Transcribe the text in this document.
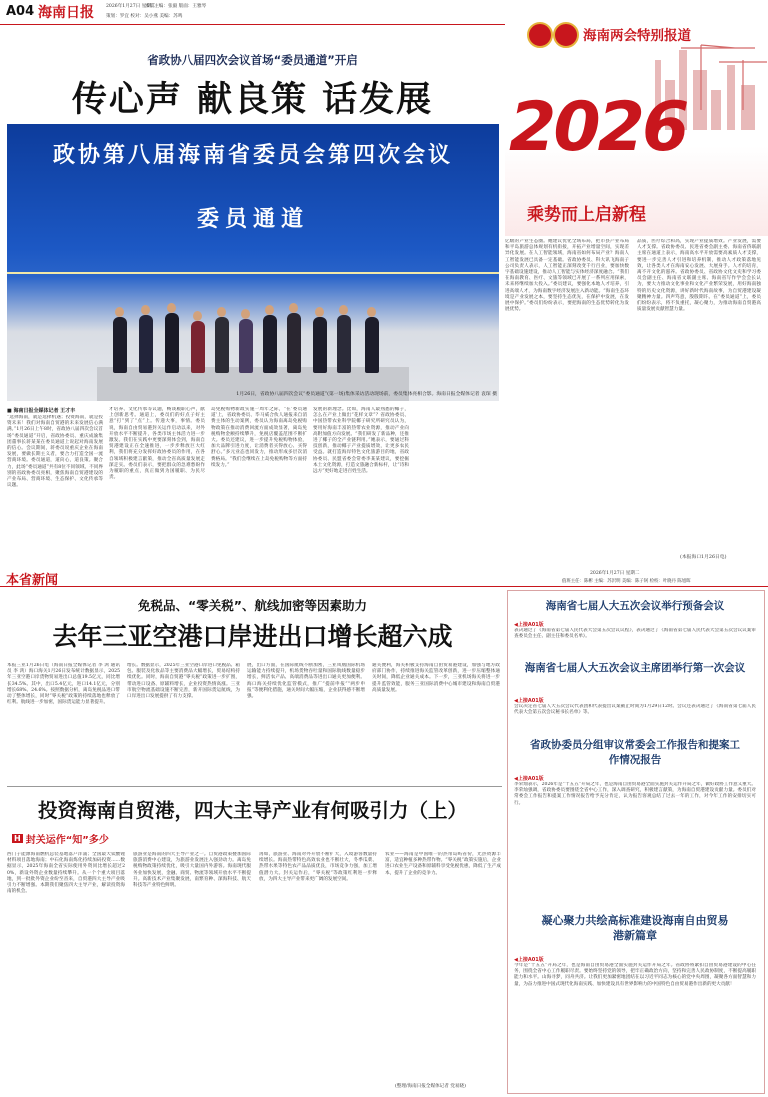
A04 海南日报	2026年1月27日 星期二
本版主编：张毅 版面：王雅琴
策划：罗宜 校对：吴小燕 美编：苏鸣
海南两会特别报道
2026
乘势而上启新程
省政协八届四次会议首场“委员通道”开启
传心声 献良策 话发展
政协第八届海南省委员会第四次会议
委员通道
1月26日，省政协八届四次会议“委员通道”(第一场)集体采访活动现场前，委员集体亮相合影。海南日报全媒体记者 袁琛 摄
■ 海南日报全媒体记者 王才丰
“选择海南，就是选择机遇；投资海南，就是投资未来！我们对海南自贸港的未来发展信心满满。”1月26日上午8时，省政协八届四次会议首场“委员通道”开启，省政协委员、重庆成渝集团董事长蒋某某在委员通道上说起对海南发展的信心。会议期间，蒋委员说重庆企业在海南发展，要做长期主义者，要合力打造全国一流营商环境。委员通道，道向心，道良策。聚合力，此场“委员通道”共有8位不同领域、不同界别的省政协委员亮相，聚焦海南自贸港建设的产业布局、营商环境、生态保护、文化传承等议题。
才培养、文化传承等议题，畅谈履职心声，献上创新思考。通道上，委员们的好点子好主意“打”到了“点”上。传递大事，事情。委员说，海南自由贸易港封关运作启动以来，对外开放水平不断提升，各类市场主体活力进一步激发。我们在实践中更要深刻体会到，海南自贸港建设正在全速推进，一步步释放巨大红利，我们将充分发挥好政协委员的作用，在各自领域积极建言献策，推动全省高质量发展走深走实。委员们表示，要把群众的急难愁盼作为履职的重点，真正做到为国履职、为民尽责。
岛免税购物新政实施一周年之际，“在‘委员通道’上，省政协委员、毕马威合伙人通报来自消费主体的生动案例，委员认为海南离岛免税购物政策在推动消费回流方面成效显著，离岛免税购物金额持续攀升，免税店覆盖范围不断扩大。委员还建议，进一步提升免税购物体验，加大品牌引进力度，让消费者买得放心、买得舒心。”多元业态也同发力，推动形成多层次消费格局。“我们会继续在上岛免税购物等方面持续发力。”
发展的新理念。比如，海南人最熟悉的椰子，怎么在产业上做出“花样文章”？省政协委员、中国热带农业科学院椰子研究所研究员认为，要用好海南丰富的热带农业资源，推动产业向高附加值方向发展。“我们研发了新品种，还推进了椰子的全产业链利用。”她表示，要通过科技创新，推动椰子产业提质增效，让更多农民受益。就打造海岸特色文化旅游目的地，省政协委员、民盟省委会常委李某某建议，要挖掘本土文化资源，打造文旅融合新标杆，让“诗和远方”更好地走进百姓生活。
亿级的产业生态圈。她建议优化全域布局，把市县产业布局和平岛旅游总体规划有机衔接，开拓产业增量空间，实现差异化发展。在人工智能领域，海南省如何布局产业？海南人工智能发展已具备一定基础。省政协委员、科大讯飞海南子公司负责人表示，人工智能正深刻改变千行百业，要加快数字基础设施建设，推动人工智能与实体经济深度融合。“我们在海南教育、医疗、文旅等领域已开展了一系列应用探索，未来将继续加大投入。”委员建议，要强化本地人才培养，引进高端人才，为海南数字经济发展注入新动能。“海南生态环境是产业发展之本，要坚持生态优先，在保护中发展，在发展中保护。”委员们纷纷表示，要把海南的生态优势转化为发展优势。
品质，医疗综合和高，实现产业提质增效。产业发展，需要人才支撑。省政协委员、民进省委会副主委、海南省侨联副主席在通道上表示，海南高水平开放需要高素质人才支撑，要进一步完善人才引进和培养机制，推动人才政策落地见效，让各类人才在海南安心发展、大展身手。人才的培育，离不开文化的滋养。省政协委员、省政协文化文史和学习委员会副主任、海南省文联副主席、海南省写作学会会长认为，要大力推动文化事业和文化产业繁荣发展，用好海南独特的历史文化资源，讲好新时代海南故事，为自贸港建设凝聚精神力量。四声笃意，殷殷期许。在“委员通道”上，委员们纷纷表示，将不负重托，凝心聚力，为推动海南自贸港高质量发展贡献智慧力量。
(本报海口1月26日电)
本省新闻	2026年1月27日 星期二
值班主任：陈彬 主编：苏沢明 美编：陈子轲 检校：叶晓丹 陈旭晖
免税品、“零关税”、航线加密等因素助力
去年三亚空港口岸进出口增长超六成
本报三亚1月26日电（海南日报全媒体记者 李 鸿 通讯员 李 鸿）海口海关1月26日发布统计数据显示，2025年三亚空港口岸货物贸易进出口总值19.5亿元，同比增长34.5%。其中，出口5.4亿元，进口14.1亿元，分别增长68%、24.6%。按照数据分析，离岛免税品进口带动了整体增长，同时“零关税”政策的持续落地也释放了红利。航线进一步加密，国际货运能力显著提升。
增长。数据显示，2025年三亚空港口岸进口免税品、箱包、服装及化妆品等主要消费品大幅增长，贸易结构持续优化。同时，海南自贸港“零关税”政策进一步扩围，带动进口设备、原辅料增长，企业投资热情高涨。三亚市航空物流基础设施不断完善，新开国际货运航线，为口岸进出口发展提供了有力支撑。
展，出口方面，在国际航线不断加密，三亚凤凰国际机场运输能力持续提升，机场货物吞吐量和国际航线数量稳步增长，鲜活农产品、高端消费品等进出口通关更加便利。海口海关持续优化监管模式，推广“提前申报”“两步申报”等便利化措施，通关时间大幅压缩，企业获得感不断增强。
通关便利，海关积极支持海南自由贸易港建设，加强与地方政府部门协作，持续推进海关监管改革创新，进一步压缩整体通关时间，降低企业通关成本。下一步，三亚机场海关将进一步提升监管效能，服务三亚国际消费中心城市建设和海南自贸港高质量发展。
投资海南自贸港，四大主导产业有何吸引力（上）
H 封关运作“知”多少
西门子能源海南燃机总装基地落户洋浦；全国最大钛酸锂材料项目落地海南；中石化海南炼化持续加码投资……数据显示，2025年海南全省实际使用外资同比增长超过20%，新设外资企业数量持续攀升。从一个个重大项目落地，到一批批外资企业纷至沓来，自贸港四大主导产业吸引力不断增强。本期我们聚焦四大主导产业，解读投资海南的机会。
旅游业是海南的四大主导产业之一。自贸港政策叠加国际旅游消费中心建设，为旅游业发展注入强劲动力。离岛免税购物政策持续优化，吸引大量国内外游客。海南现代服务业加快发展，金融、商贸、物流等领域开放水平不断提升。高新技术产业集聚发展，南繁育种、深海科技、航天科技等产业特色鲜明。
再如，旅游业、海南对外开放不断扩大，入境游客数量持续增长。海南热带特色高效农业也不断壮大，冬季瓜菜、热带水果等特色农产品品质优良，市场竞争力强，加工增值潜力大。封关运作后，“零关税”等政策红利进一步释放，为四大主导产业带来更广阔的发展空间。
农业——海南是中国唯一的热带岛屿省份，光热资源丰富，适宜种植多种热带作物。“零关税”政策实施后，企业进口农业生产设备和原辅料享受免税优惠，降低了生产成本，提升了企业的竞争力。
(整理/海南日报全媒体记者 党易晓)
海南省七届人大五次会议举行预备会议
◀上接A01版
表决通过了《海南省第七届人民代表大会第五次会议议程》，表决通过了《海南省第七届人民代表大会第五次会议议案审查委员会主任、副主任和委员名单》。
海南省七届人大五次会议主席团举行第一次会议
◀上接A01版
会议决定省七届人大五次会议代表团和代表提出议案截止时间为1月29日12时。会议还表决通过了《海南省第七届人民代表大会第五次会议秘书长名单》等。
省政协委员分组审议常委会工作报告和提案工作情况报告
◀上接A01版
李荣灿表示，2026年是“十五五”开局之年，也是海南自由贸易港全面实施封关运作开局之年，做好政协工作意义重大。李荣灿强调，省政协委员要围绕全省中心工作，深入调查研究，积极建言献策，为海南自贸港建设贡献力量。委员们对常委会工作报告和提案工作情况报告给予充分肯定，认为报告客观总结了过去一年的工作，对今年工作的安排切实可行。
凝心聚力共绘高标准建设海南自由贸易港新篇章
◀上接A01版
今年是“十五五”开局之年，也是海南自由贸易港全面实施封关运作开局之年。省政协将紧扣自由贸易港建设的中心任务，围绕全省中心工作履职尽责。要始终坚持党的领导，把牢正确政治方向，坚持和完善人民政协制度，不断提高履职能力和水平。山海寻梦，同舟共济。让我们更加紧密地团结在以习近平同志为核心的党中央周围，凝聚各方面智慧和力量，为奋力推进中国式现代化海南实践、加快建设具有世界影响力的中国特色自由贸易港作出新的更大贡献！
